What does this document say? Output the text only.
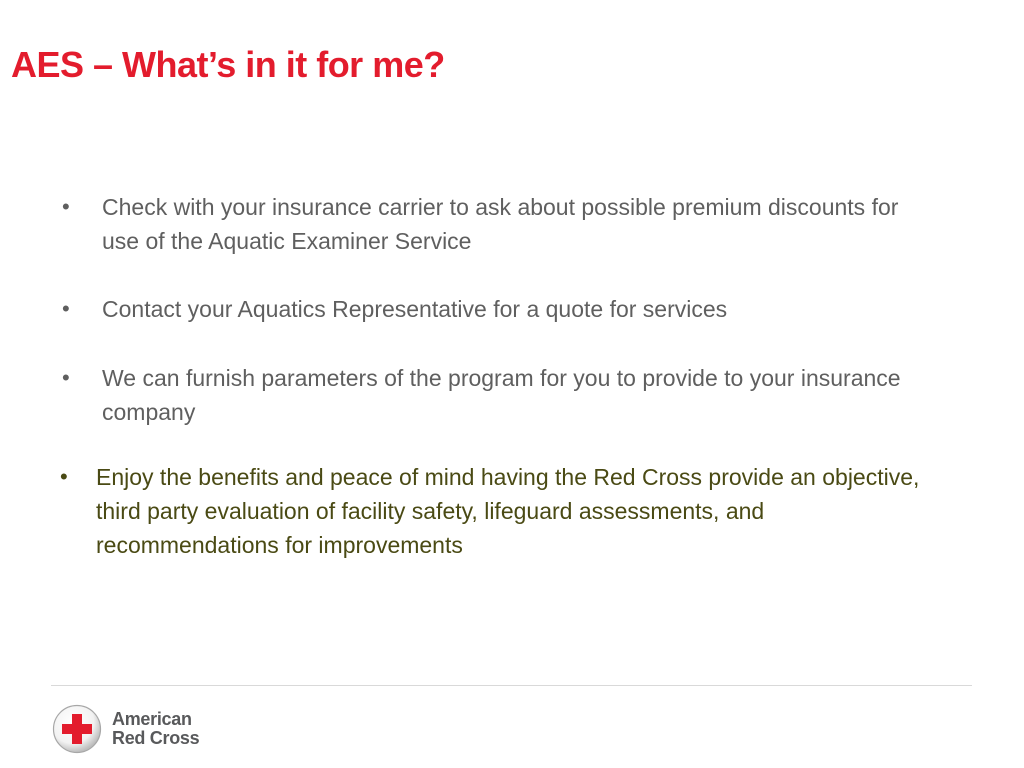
AES – What’s in it for me?
• Check with your insurance carrier to ask about possible premium discounts for use of the Aquatic Examiner Service
• Contact your Aquatics Representative for a quote for services
• We can furnish parameters of the program for you to provide to your insurance company
• Enjoy the benefits and peace of mind having the Red Cross provide an objective, third party evaluation of facility safety, lifeguard assessments, and recommendations for improvements
American
Red Cross
